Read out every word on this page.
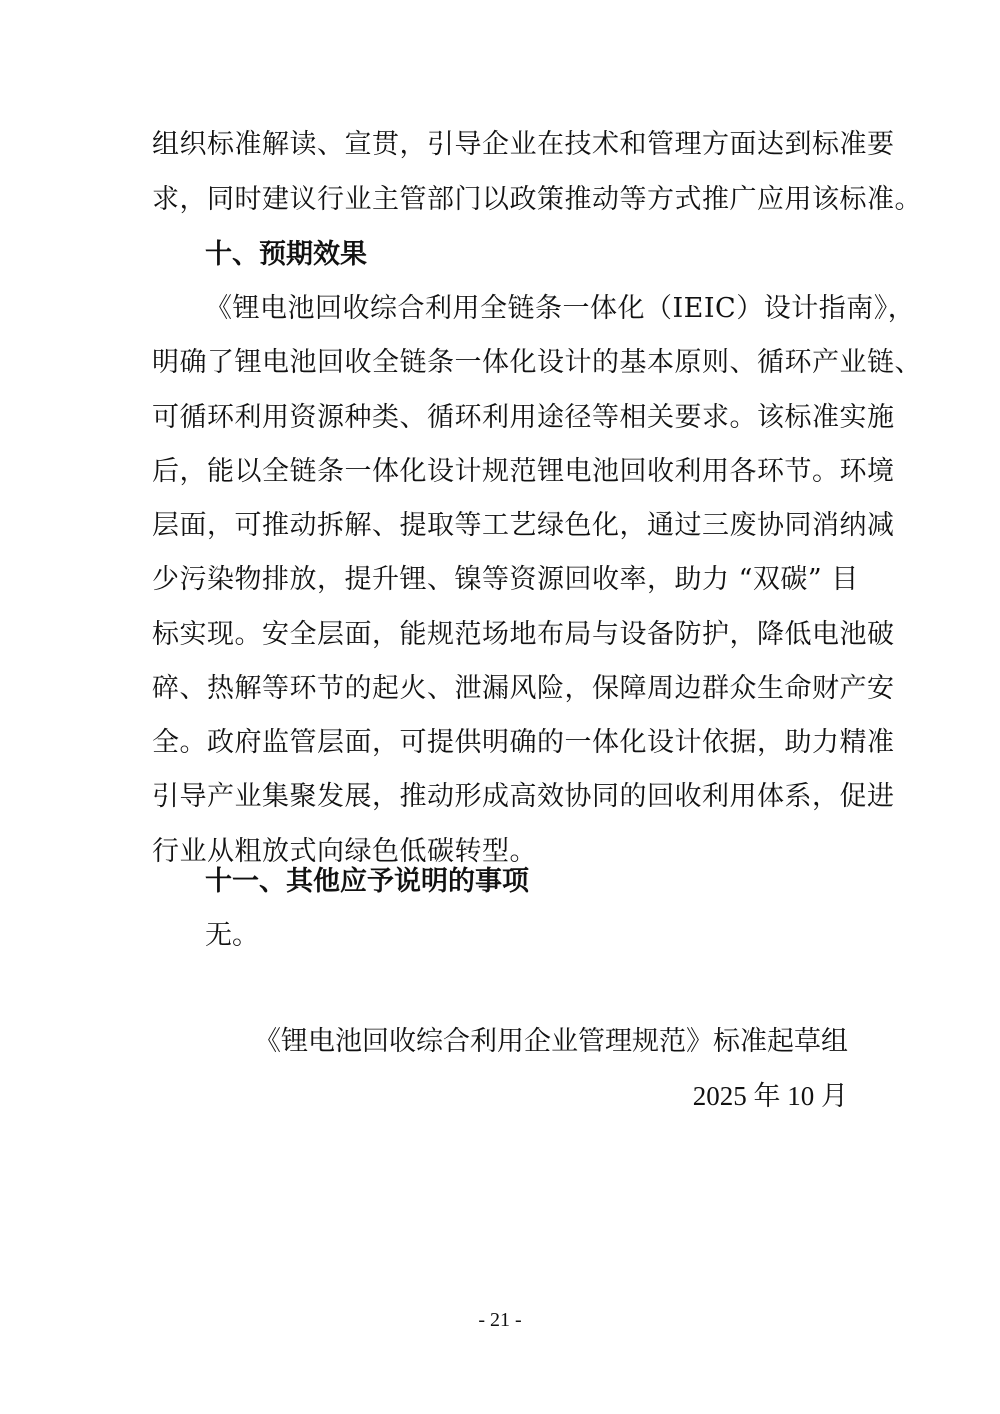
组织标准解读、宣贯，引导企业在技术和管理方面达到标准要
求，同时建议行业主管部门以政策推动等方式推广应用该标准。
十、预期效果
《锂电池回收综合利用全链条一体化（IEIC）设计指南》，
明确了锂电池回收全链条一体化设计的基本原则、循环产业链、
可循环利用资源种类、循环利用途径等相关要求。该标准实施
后，能以全链条一体化设计规范锂电池回收利用各环节。环境
层面，可推动拆解、提取等工艺绿色化，通过三废协同消纳减
少污染物排放，提升锂、镍等资源回收率，助力 “双碳” 目
标实现。安全层面，能规范场地布局与设备防护，降低电池破
碎、热解等环节的起火、泄漏风险，保障周边群众生命财产安
全。政府监管层面，可提供明确的一体化设计依据，助力精准
引导产业集聚发展，推动形成高效协同的回收利用体系，促进
行业从粗放式向绿色低碳转型。
十一、其他应予说明的事项
无。
《锂电池回收综合利用企业管理规范》标准起草组
2025 年 10 月
- 21 -
